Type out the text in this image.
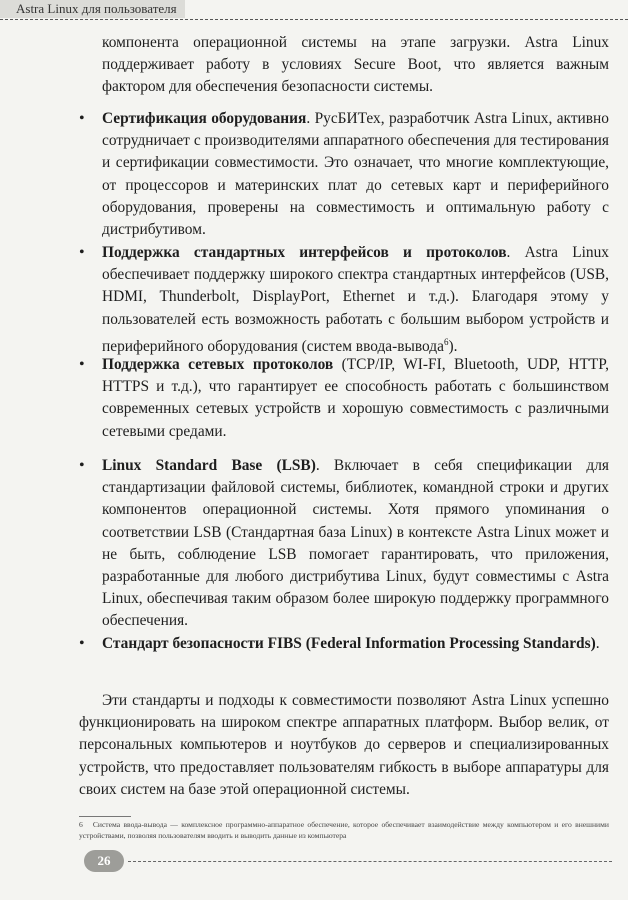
Astra Linux для пользователя

компонента операционной системы на этапе загрузки. Astra Linux поддерживает работу в условиях Secure Boot, что является важным фактором для обеспечения безопасности системы.

• Сертификация оборудования. РусБИТех, разработчик Astra Linux, активно сотрудничает с производителями аппаратного обеспечения для тестирования и сертификации совместимости. Это означает, что многие комплектующие, от процессоров и материнских плат до сетевых карт и периферийного оборудования, проверены на совместимость и оптимальную работу с дистрибутивом.

• Поддержка стандартных интерфейсов и протоколов. Astra Linux обеспечивает поддержку широкого спектра стандартных интерфейсов (USB, HDMI, Thunderbolt, DisplayPort, Ethernet и т.д.). Благодаря этому у пользователей есть возможность работать с большим выбором устройств и периферийного оборудования (систем ввода-вывода$^6$).

• Поддержка сетевых протоколов (TCP/IP, WI-FI, Bluetooth, UDP, HTTP, HTTPS и т.д.), что гарантирует ее способность работать с большинством современных сетевых устройств и хорошую совместимость с различными сетевыми средами.

• Linux Standard Base (LSB). Включает в себя спецификации для стандартизации файловой системы, библиотек, командной строки и других компонентов операционной системы. Хотя прямого упоминания о соответствии LSB (Стандартная база Linux) в контексте Astra Linux может и не быть, соблюдение LSB помогает гарантировать, что приложения, разработанные для любого дистрибутива Linux, будут совместимы с Astra Linux, обеспечивая таким образом более широкую поддержку программного обеспечения.

• Стандарт безопасности FIBS (Federal Information Processing Standards).

Эти стандарты и подходы к совместимости позволяют Astra Linux успешно функционировать на широком спектре аппаратных платформ. Выбор велик, от персональных компьютеров и ноутбуков до серверов и специализированных устройств, что предоставляет пользователям гибкость в выборе аппаратуры для своих систем на базе этой операционной системы.

6 Система ввода-вывода — комплексное программно-аппаратное обеспечение, которое обеспечивает взаимодействие между компьютером и его внешними устройствами, позволяя пользователям вводить и выводить данные из компьютера

26
